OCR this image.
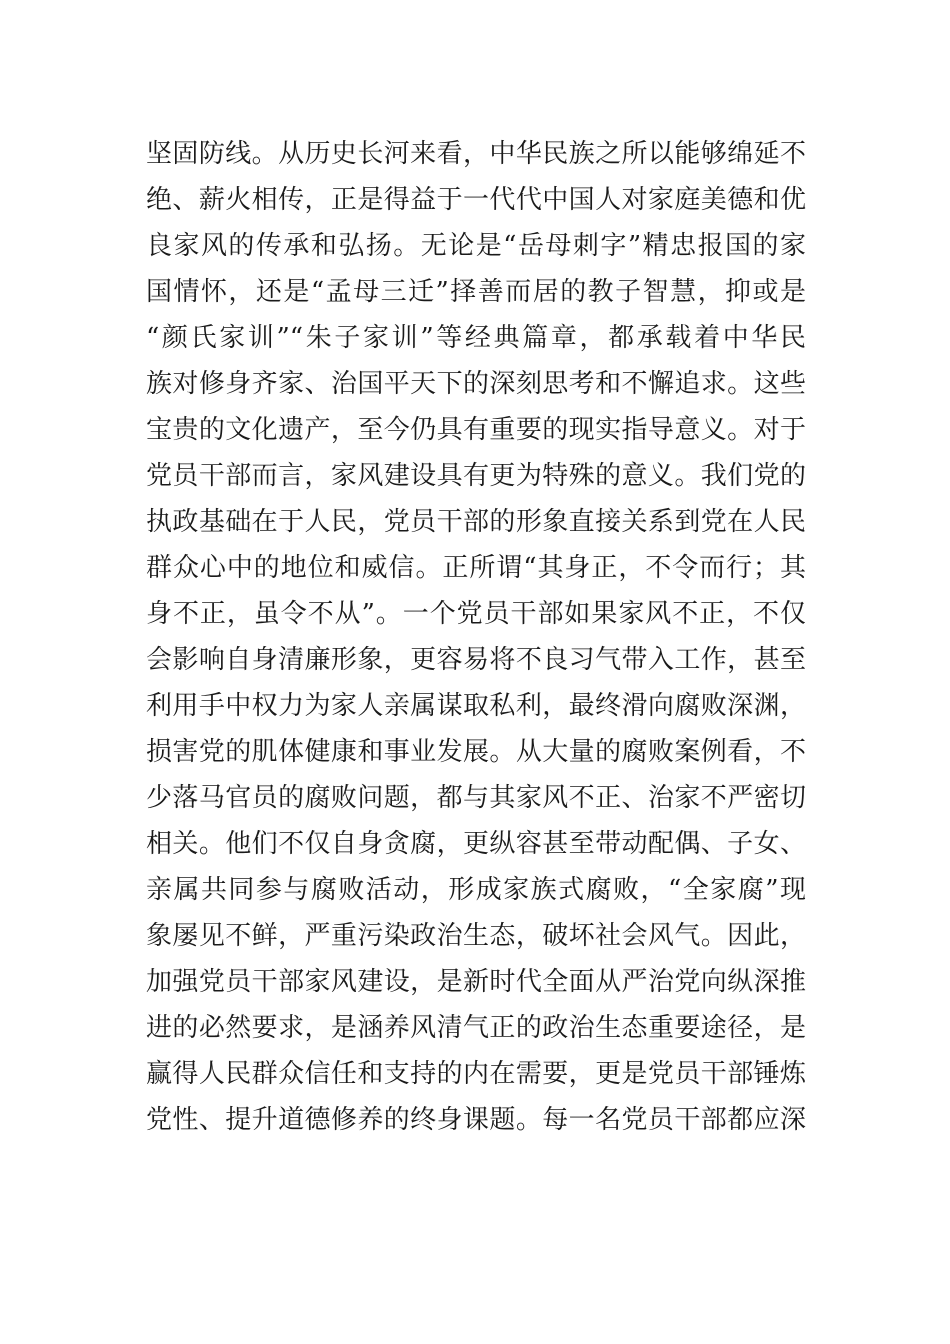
坚固防线。从历史长河来看，中华民族之所以能够绵延不
绝、薪火相传，正是得益于一代代中国人对家庭美德和优
良家风的传承和弘扬。无论是“岳母刺字”精忠报国的家
国情怀，还是“孟母三迁”择善而居的教子智慧，抑或是
“颜氏家训”“朱子家训”等经典篇章，都承载着中华民
族对修身齐家、治国平天下的深刻思考和不懈追求。这些
宝贵的文化遗产，至今仍具有重要的现实指导意义。对于
党员干部而言，家风建设具有更为特殊的意义。我们党的
执政基础在于人民，党员干部的形象直接关系到党在人民
群众心中的地位和威信。正所谓“其身正，不令而行；其
身不正，虽令不从”。一个党员干部如果家风不正，不仅
会影响自身清廉形象，更容易将不良习气带入工作，甚至
利用手中权力为家人亲属谋取私利，最终滑向腐败深渊，
损害党的肌体健康和事业发展。从大量的腐败案例看，不
少落马官员的腐败问题，都与其家风不正、治家不严密切
相关。他们不仅自身贪腐，更纵容甚至带动配偶、子女、
亲属共同参与腐败活动，形成家族式腐败，“全家腐”现
象屡见不鲜，严重污染政治生态，破坏社会风气。因此，
加强党员干部家风建设，是新时代全面从严治党向纵深推
进的必然要求，是涵养风清气正的政治生态重要途径，是
赢得人民群众信任和支持的内在需要，更是党员干部锤炼
党性、提升道德修养的终身课题。每一名党员干部都应深
